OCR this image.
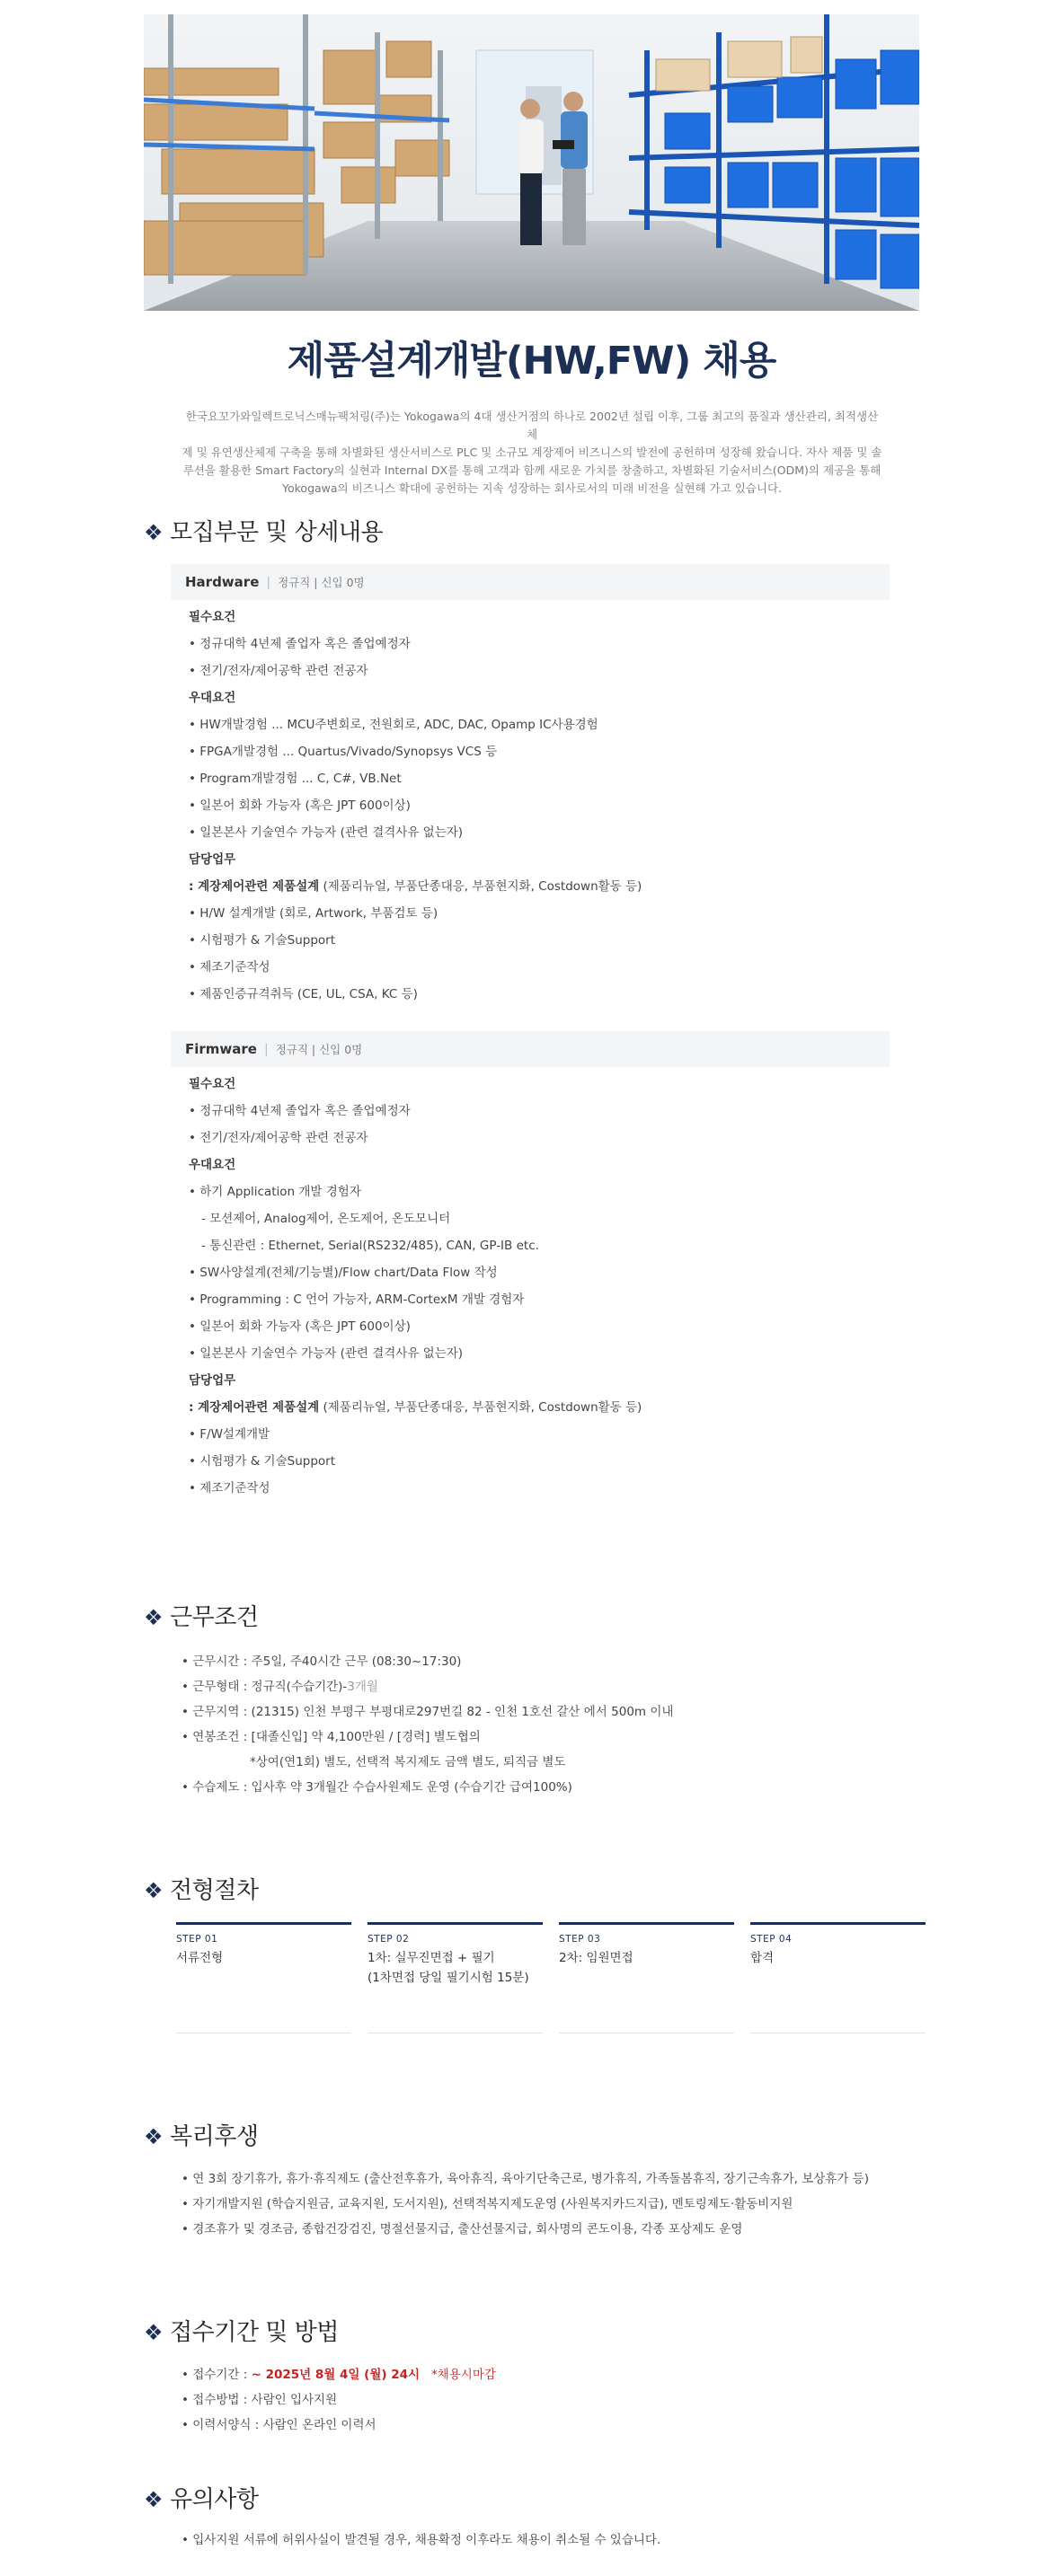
제품설계개발(HW,FW) 채용

한국요꼬가와일렉트로닉스매뉴팩처링(주)는 Yokogawa의 4대 생산거점의 하나로 2002년 설립 이후, 그룹 최고의 품질과 생산관리, 최적생산체
제 및 유연생산체제 구축을 통해 차별화된 생산서비스로 PLC 및 소규모 계장제어 비즈니스의 발전에 공헌하며 성장해 왔습니다. 자사 제품 및 솔
루션을 활용한 Smart Factory의 실현과 Internal DX를 통해 고객과 함께 새로운 가치를 창출하고, 차별화된 기술서비스(ODM)의 제공을 통해
Yokogawa의 비즈니스 확대에 공헌하는 지속 성장하는 회사로서의 미래 비전을 실현해 가고 있습니다.

❖ 모집부문 및 상세내용
Hardware | 정규직 | 신입 0명
필수요건
• 정규대학 4년제 졸업자 혹은 졸업예정자
• 전기/전자/제어공학 관련 전공자
우대요건
• HW개발경험 ... MCU주변회로, 전원회로, ADC, DAC, Opamp IC사용경험
• FPGA개발경험 ... Quartus/Vivado/Synopsys VCS 등
• Program개발경험 ... C, C#, VB.Net
• 일본어 회화 가능자 (혹은 JPT 600이상)
• 일본본사 기술연수 가능자 (관련 결격사유 없는자)
담당업무
: 계장제어관련 제품설계 (제품리뉴얼, 부품단종대응, 부품현지화, Costdown활동 등)
• H/W 설계개발 (회로, Artwork, 부품검토 등)
• 시험평가 & 기술Support
• 제조기준작성
• 제품인증규격취득 (CE, UL, CSA, KC 등)
Firmware | 정규직 | 신입 0명
필수요건
• 정규대학 4년제 졸업자 혹은 졸업예정자
• 전기/전자/제어공학 관련 전공자
우대요건
• 하기 Application 개발 경험자
- 모션제어, Analog제어, 온도제어, 온도모니터
- 통신관련 : Ethernet, Serial(RS232/485), CAN, GP-IB etc.
• SW사양설계(전체/기능별)/Flow chart/Data Flow 작성
• Programming : C 언어 가능자, ARM-CortexM 개발 경험자
• 일본어 회화 가능자 (혹은 JPT 600이상)
• 일본본사 기술연수 가능자 (관련 결격사유 없는자)
담당업무
: 계장제어관련 제품설계 (제품리뉴얼, 부품단종대응, 부품현지화, Costdown활동 등)
• F/W설계개발
• 시험평가 & 기술Support
• 제조기준작성
❖ 근무조건
• 근무시간 : 주5일, 주40시간 근무 (08:30~17:30)
• 근무형태 : 정규직(수습기간)-3개월
• 근무지역 : (21315) 인천 부평구 부평대로297번길 82 - 인천 1호선 갈산 에서 500m 이내
• 연봉조건 : [대졸신입] 약 4,100만원 / [경력] 별도협의
*상여(연1회) 별도, 선택적 복지제도 금액 별도, 퇴직금 별도
• 수습제도 : 입사후 약 3개월간 수습사원제도 운영 (수습기간 급여100%)
❖ 전형절차
STEP 01
서류전형
STEP 02
1차: 실무진면접 + 필기
(1차면접 당일 필기시험 15분)
STEP 03
2차: 임원면접
STEP 04
합격
❖ 복리후생
• 연 3회 장기휴가, 휴가·휴직제도 (출산전후휴가, 육아휴직, 육아기단축근로, 병가휴직, 가족돌봄휴직, 장기근속휴가, 보상휴가 등)
• 자기개발지원 (학습지원금, 교육지원, 도서지원), 선택적복지제도운영 (사원복지카드지급), 멘토링제도·활동비지원
• 경조휴가 및 경조금, 종합건강검진, 명절선물지급, 출산선물지급, 회사명의 콘도이용, 각종 포상제도 운영
❖ 접수기간 및 방법
• 접수기간 : ~ 2025년 8월 4일 (월) 24시 *채용시마감
• 접수방법 : 사람인 입사지원
• 이력서양식 : 사람인 온라인 이력서
❖ 유의사항
• 입사지원 서류에 허위사실이 발견될 경우, 채용확정 이후라도 채용이 취소될 수 있습니다.
